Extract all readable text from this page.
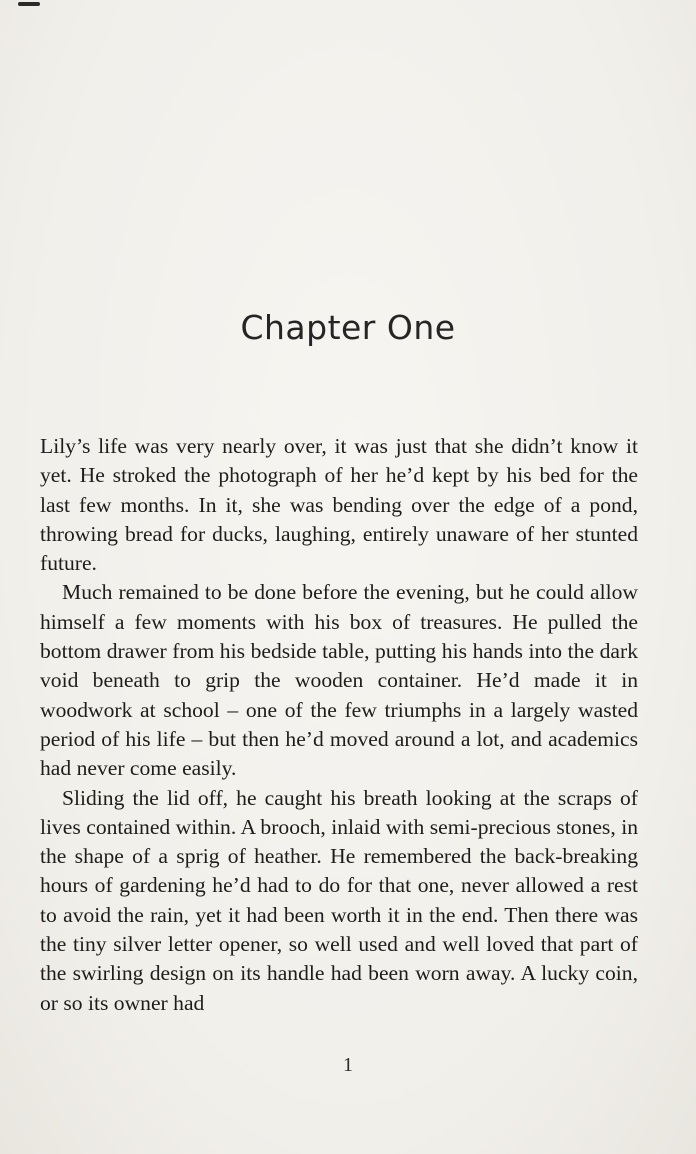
Chapter One

Lily’s life was very nearly over, it was just that she didn’t know it yet. He stroked the photograph of her he’d kept by his bed for the last few months. In it, she was bending over the edge of a pond, throwing bread for ducks, laughing, entirely unaware of her stunted future.

Much remained to be done before the evening, but he could allow himself a few moments with his box of treasures. He pulled the bottom drawer from his bedside table, putting his hands into the dark void beneath to grip the wooden container. He’d made it in woodwork at school – one of the few triumphs in a largely wasted period of his life – but then he’d moved around a lot, and academics had never come easily.

Sliding the lid off, he caught his breath looking at the scraps of lives contained within. A brooch, inlaid with semi-precious stones, in the shape of a sprig of heather. He remembered the back-breaking hours of gardening he’d had to do for that one, never allowed a rest to avoid the rain, yet it had been worth it in the end. Then there was the tiny silver letter opener, so well used and well loved that part of the swirling design on its handle had been worn away. A lucky coin, or so its owner had

1
